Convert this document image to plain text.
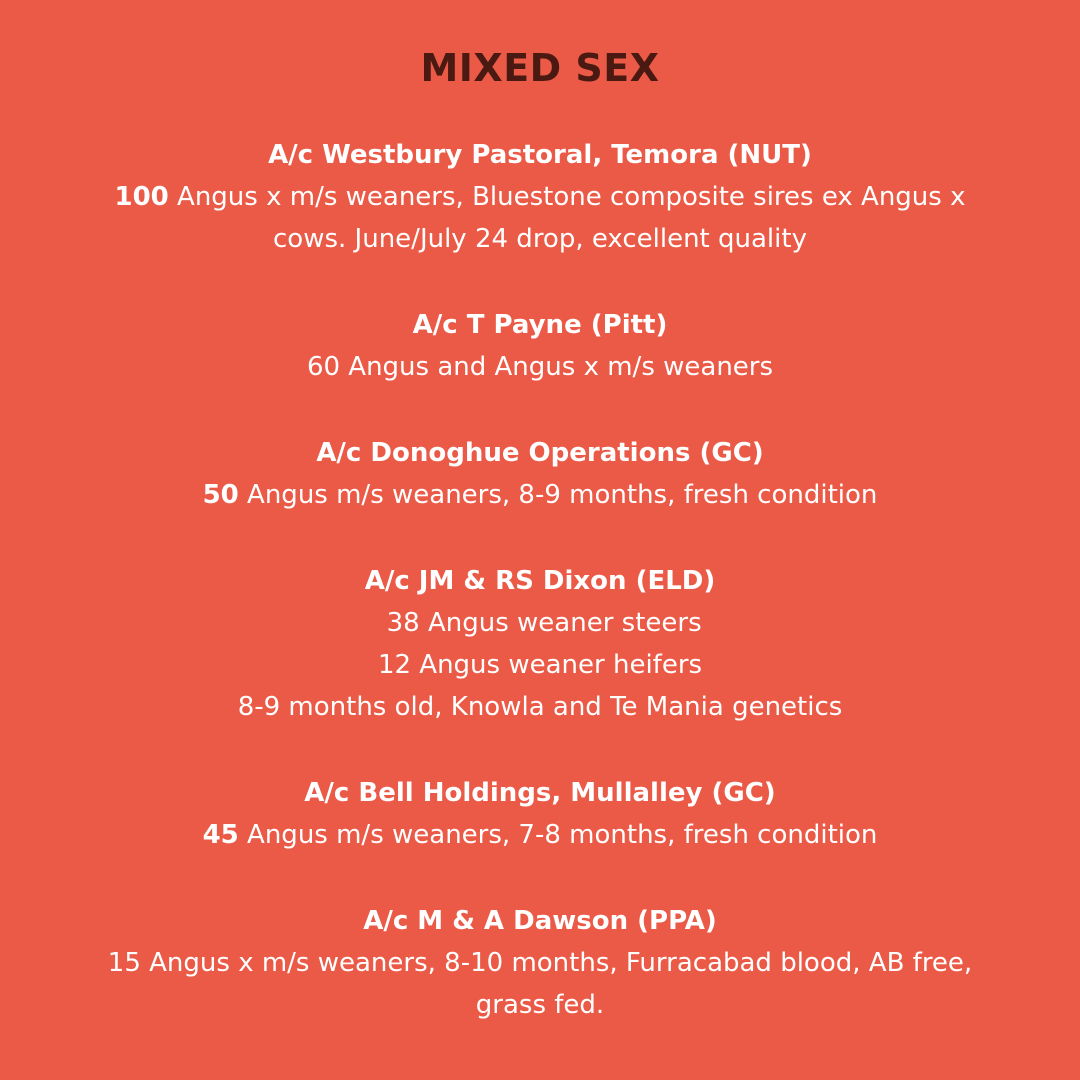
MIXED SEX

A/c Westbury Pastoral, Temora (NUT)

100 Angus x m/s weaners, Bluestone composite sires ex Angus x

cows. June/July 24 drop, excellent quality

A/c T Payne (Pitt)

60 Angus and Angus x m/s weaners

A/c Donoghue Operations (GC)

50 Angus m/s weaners, 8-9 months, fresh condition

A/c JM & RS Dixon (ELD)

38 Angus weaner steers

12 Angus weaner heifers

8-9 months old, Knowla and Te Mania genetics

A/c Bell Holdings, Mullalley (GC)

45 Angus m/s weaners, 7-8 months, fresh condition

A/c M & A Dawson (PPA)

15 Angus x m/s weaners, 8-10 months, Furracabad blood, AB free,

grass fed.
